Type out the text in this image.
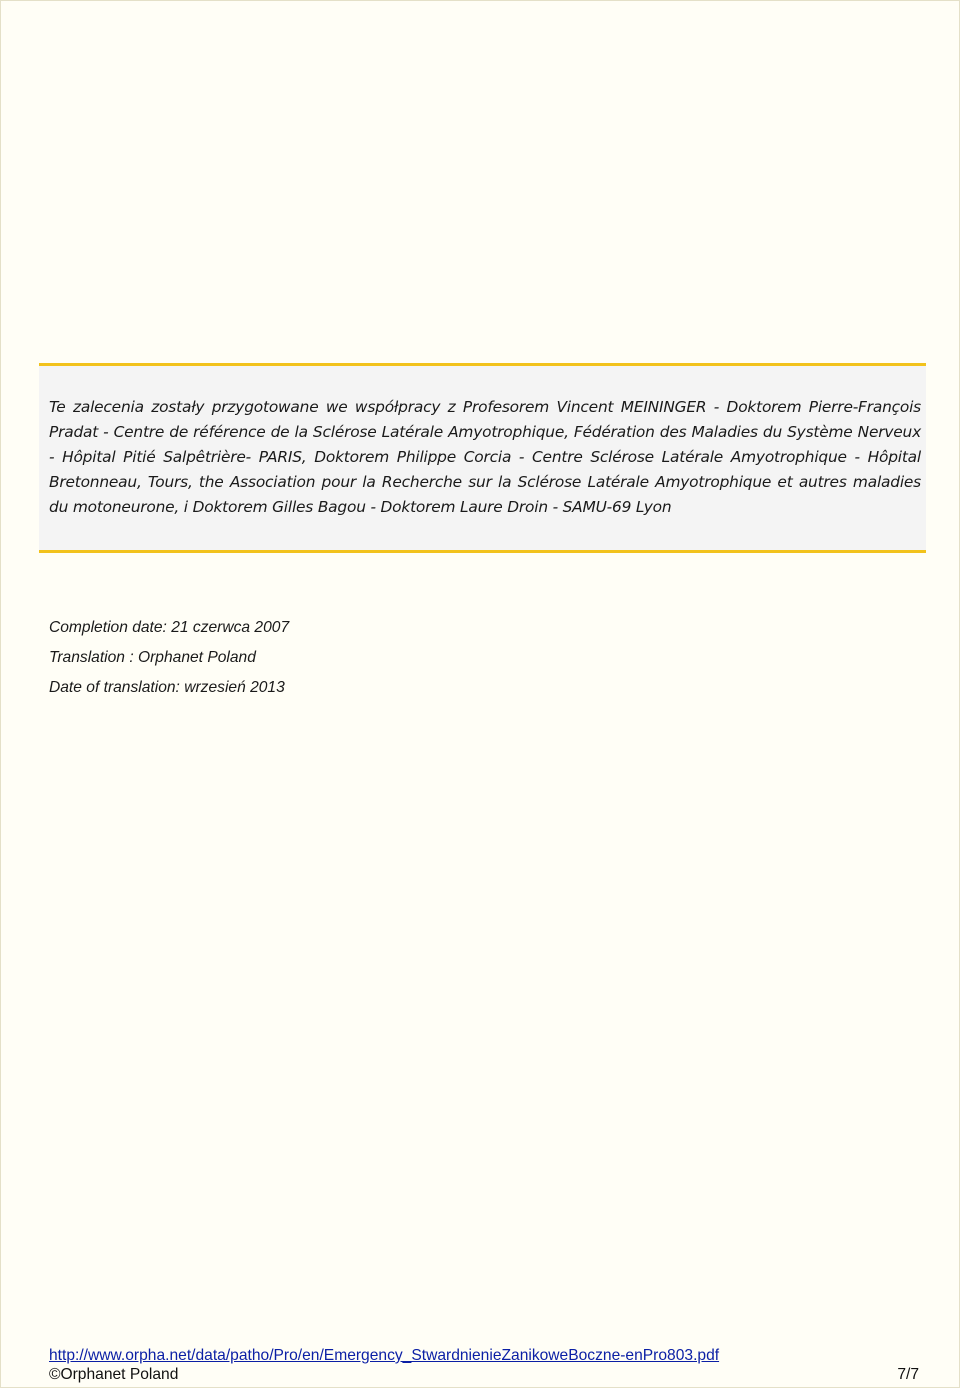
Te zalecenia zostały przygotowane we współpracy z Profesorem Vincent MEININGER - Doktorem Pierre-François Pradat - Centre de référence de la Sclérose Latérale Amyotrophique, Fédération des Maladies du Système Nerveux - Hôpital Pitié Salpêtrière- PARIS, Doktorem Philippe Corcia - Centre Sclérose Latérale Amyotrophique - Hôpital Bretonneau, Tours, the Association pour la Recherche sur la Sclérose Latérale Amyotrophique et autres maladies du motoneurone, i Doktorem Gilles Bagou - Doktorem Laure Droin - SAMU-69 Lyon

Completion date: 21 czerwca 2007
Translation : Orphanet Poland
Date of translation: wrzesień 2013
http://www.orpha.net/data/patho/Pro/en/Emergency_StwardnienieZanikoweBoczne-enPro803.pdf
©Orphanet Poland	7/7
